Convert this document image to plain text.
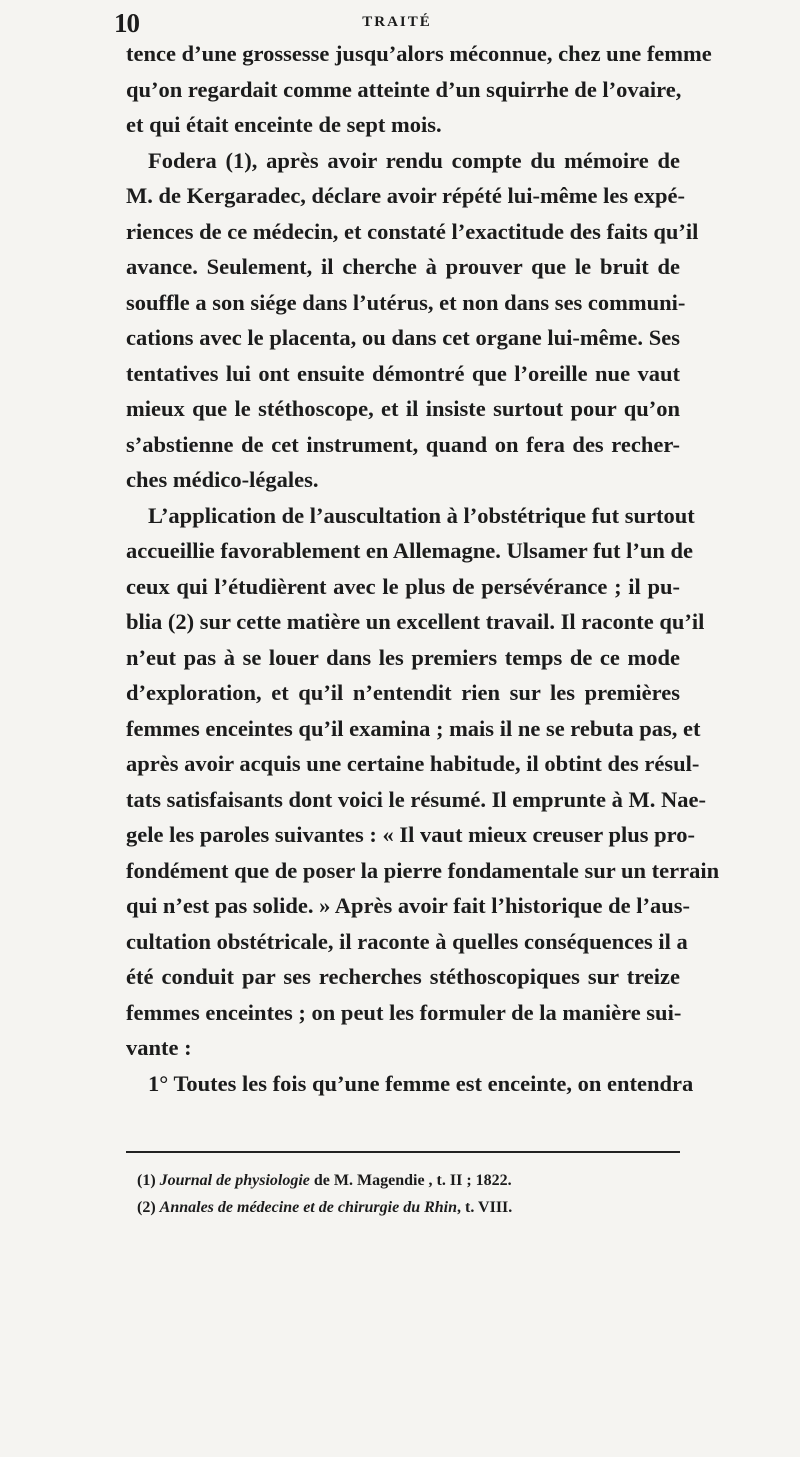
10	TRAITÉ
tence d’une grossesse jusqu’alors méconnue, chez une femme
qu’on regardait comme atteinte d’un squirrhe de l’ovaire,
et qui était enceinte de sept mois.
Fodera (1), après avoir rendu compte du mémoire de
M. de Kergaradec, déclare avoir répété lui-même les expé-
riences de ce médecin, et constaté l’exactitude des faits qu’il
avance. Seulement, il cherche à prouver que le bruit de
souffle a son siége dans l’utérus, et non dans ses communi-
cations avec le placenta, ou dans cet organe lui-même. Ses
tentatives lui ont ensuite démontré que l’oreille nue vaut
mieux que le stéthoscope, et il insiste surtout pour qu’on
s’abstienne de cet instrument, quand on fera des recher-
ches médico-légales.
L’application de l’auscultation à l’obstétrique fut surtout
accueillie favorablement en Allemagne. Ulsamer fut l’un de
ceux qui l’étudièrent avec le plus de persévérance ; il pu-
blia (2) sur cette matière un excellent travail. Il raconte qu’il
n’eut pas à se louer dans les premiers temps de ce mode
d’exploration, et qu’il n’entendit rien sur les premières
femmes enceintes qu’il examina ; mais il ne se rebuta pas, et
après avoir acquis une certaine habitude, il obtint des résul-
tats satisfaisants dont voici le résumé. Il emprunte à M. Nae-
gele les paroles suivantes : « Il vaut mieux creuser plus pro-
fondément que de poser la pierre fondamentale sur un terrain
qui n’est pas solide. » Après avoir fait l’historique de l’aus-
cultation obstétricale, il raconte à quelles conséquences il a
été conduit par ses recherches stéthoscopiques sur treize
femmes enceintes ; on peut les formuler de la manière sui-
vante :
1° Toutes les fois qu’une femme est enceinte, on entendra
(1) Journal de physiologie de M. Magendie , t. II ; 1822.
(2) Annales de médecine et de chirurgie du Rhin, t. VIII.
